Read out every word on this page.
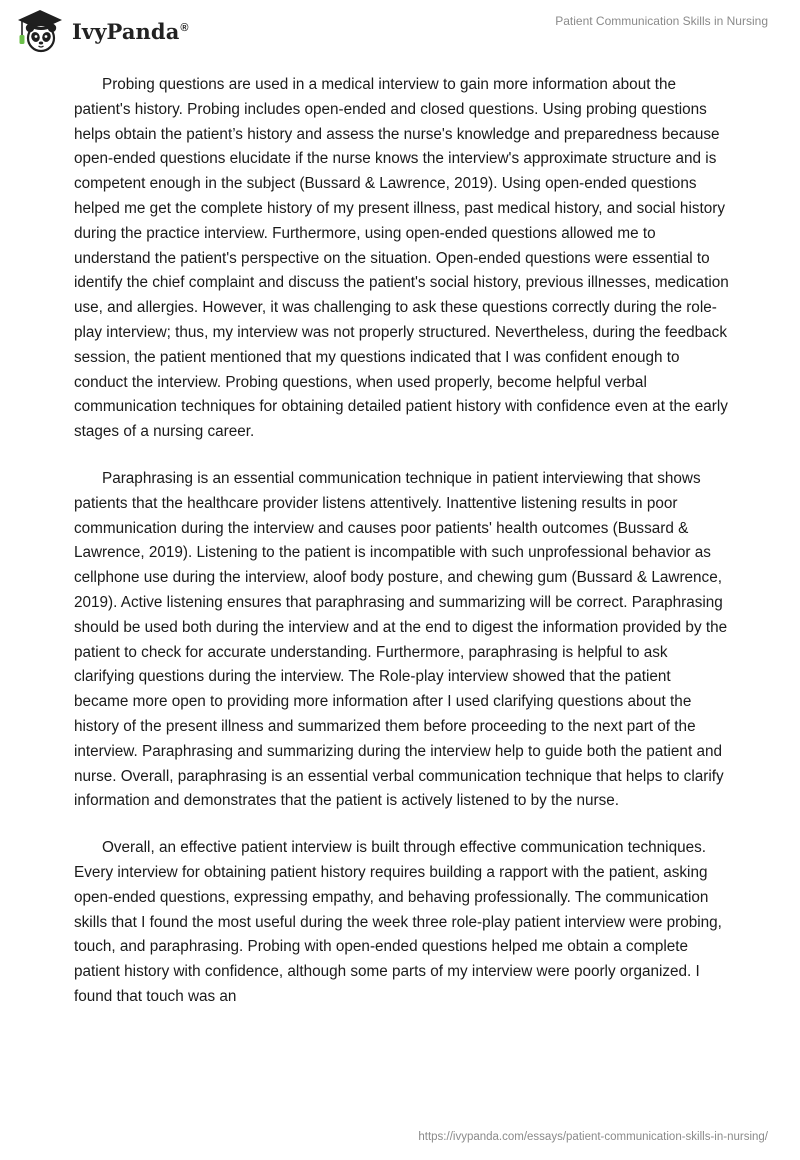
IvyPanda®	Patient Communication Skills in Nursing

Probing questions are used in a medical interview to gain more information about the patient's history. Probing includes open-ended and closed questions. Using probing questions helps obtain the patient’s history and assess the nurse's knowledge and preparedness because open-ended questions elucidate if the nurse knows the interview's approximate structure and is competent enough in the subject (Bussard & Lawrence, 2019). Using open-ended questions helped me get the complete history of my present illness, past medical history, and social history during the practice interview. Furthermore, using open-ended questions allowed me to understand the patient's perspective on the situation. Open-ended questions were essential to identify the chief complaint and discuss the patient's social history, previous illnesses, medication use, and allergies. However, it was challenging to ask these questions correctly during the role-play interview; thus, my interview was not properly structured. Nevertheless, during the feedback session, the patient mentioned that my questions indicated that I was confident enough to conduct the interview. Probing questions, when used properly, become helpful verbal communication techniques for obtaining detailed patient history with confidence even at the early stages of a nursing career.

Paraphrasing is an essential communication technique in patient interviewing that shows patients that the healthcare provider listens attentively. Inattentive listening results in poor communication during the interview and causes poor patients' health outcomes (Bussard & Lawrence, 2019). Listening to the patient is incompatible with such unprofessional behavior as cellphone use during the interview, aloof body posture, and chewing gum (Bussard & Lawrence, 2019). Active listening ensures that paraphrasing and summarizing will be correct. Paraphrasing should be used both during the interview and at the end to digest the information provided by the patient to check for accurate understanding. Furthermore, paraphrasing is helpful to ask clarifying questions during the interview. The Role-play interview showed that the patient became more open to providing more information after I used clarifying questions about the history of the present illness and summarized them before proceeding to the next part of the interview. Paraphrasing and summarizing during the interview help to guide both the patient and nurse. Overall, paraphrasing is an essential verbal communication technique that helps to clarify information and demonstrates that the patient is actively listened to by the nurse.

Overall, an effective patient interview is built through effective communication techniques. Every interview for obtaining patient history requires building a rapport with the patient, asking open-ended questions, expressing empathy, and behaving professionally. The communication skills that I found the most useful during the week three role-play patient interview were probing, touch, and paraphrasing. Probing with open-ended questions helped me obtain a complete patient history with confidence, although some parts of my interview were poorly organized. I found that touch was an

https://ivypanda.com/essays/patient-communication-skills-in-nursing/
